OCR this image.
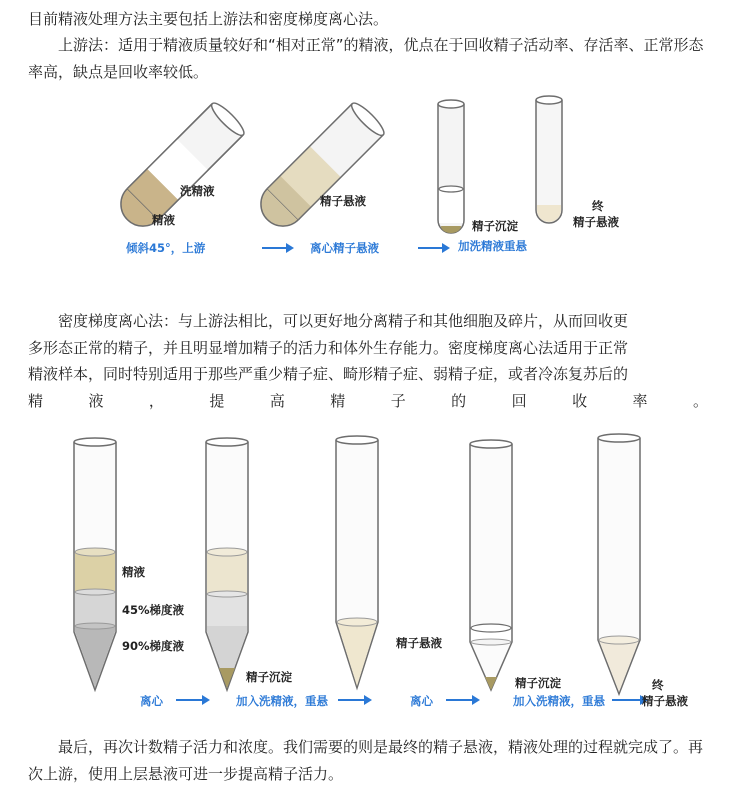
目前精液处理方法主要包括上游法和密度梯度离心法。

上游法：适用于精液质量较好和“相对正常”的精液，优点在于回收精子活动率、存活率、正常形态率高，缺点是回收率较低。

洗精液
精液
倾斜45°，上游
精子悬液
离心精子悬液
精子沉淀
加洗精液重悬
终
精子悬液
密度梯度离心法：与上游法相比，可以更好地分离精子和其他细胞及碎片，从而回收更
多形态正常的精子，并且明显增加精子的活力和体外生存能力。密度梯度离心法适用于正常
精液样本，同时特别适用于那些严重少精子症、畸形精子症、弱精子症，或者冷冻复苏后的
精液，提高精子的回收率。
精液
45%梯度液
90%梯度液
离心
精子沉淀
加入洗精液，重悬
精子悬液
离心
精子沉淀
加入洗精液，重悬
终
精子悬液

最后，再次计数精子活力和浓度。我们需要的则是最终的精子悬液，精液处理的过程就完成了。再次上游，使用上层悬液可进一步提高精子活力。
